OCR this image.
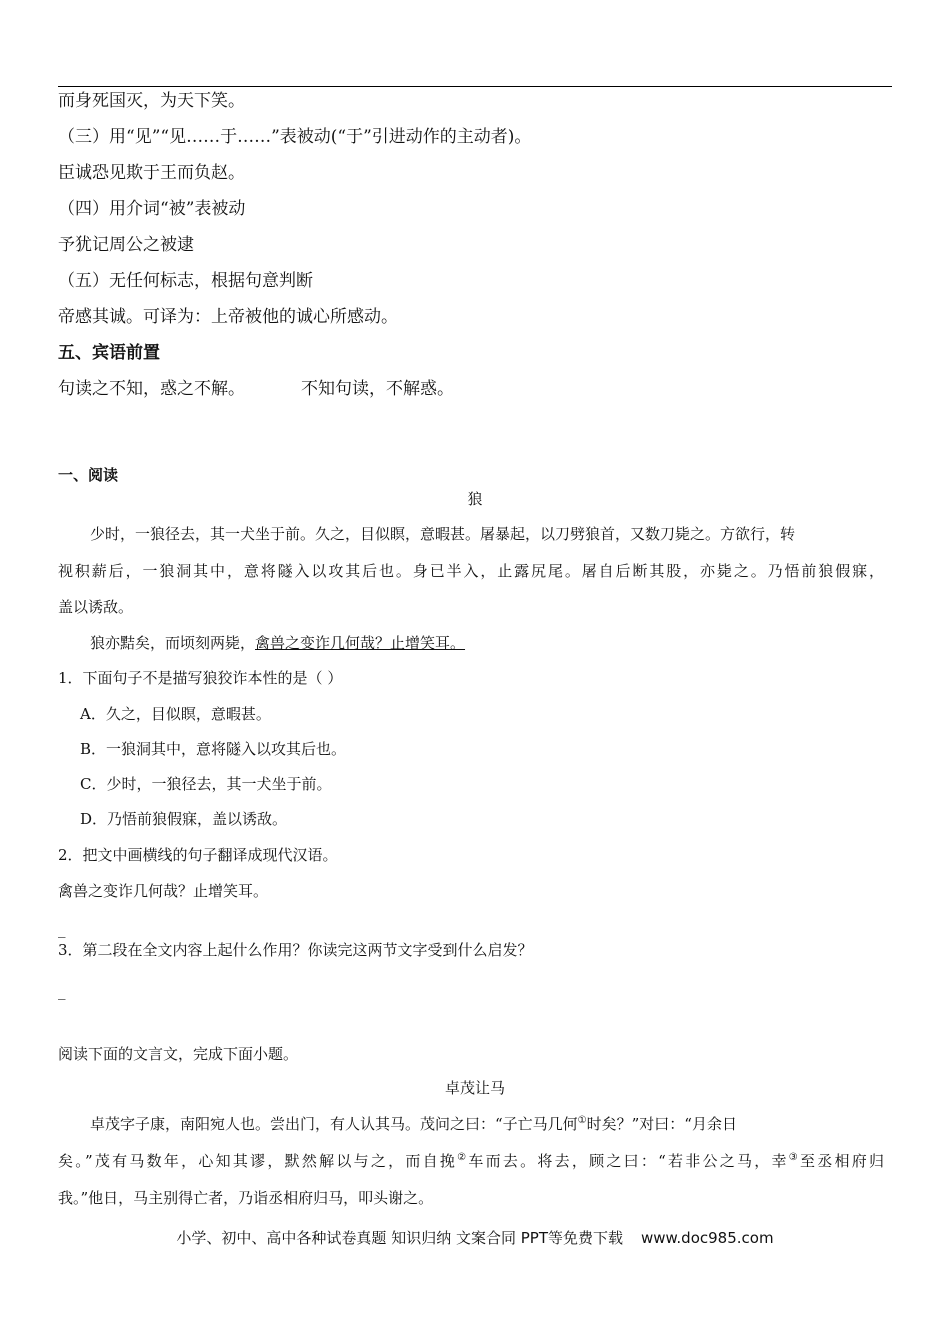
而身死国灭，为天下笑。
（三）用“见”“见……于……”表被动(“于”引进动作的主动者)。
臣诚恐见欺于王而负赵。
（四）用介词“被”表被动
予犹记周公之被逮
（五）无任何标志，根据句意判断
帝感其诚。可译为：上帝被他的诚心所感动。
五、宾语前置
句读之不知，惑之不解。	不知句读，不解惑。
一、阅读
狼
少时，一狼径去，其一犬坐于前。久之，目似瞑，意暇甚。屠暴起，以刀劈狼首，又数刀毙之。方欲行，转
视积薪后，一狼洞其中，意将隧入以攻其后也。身已半入，止露尻尾。屠自后断其股，亦毙之。乃悟前狼假寐，
盖以诱敌。
狼亦黠矣，而顷刻两毙，禽兽之变诈几何哉？止增笑耳。
1．下面句子不是描写狼狡诈本性的是（ ）
A．久之，目似瞑，意暇甚。
B．一狼洞其中，意将隧入以攻其后也。
C．少时，一狼径去，其一犬坐于前。
D．乃悟前狼假寐，盖以诱敌。
2．把文中画横线的句子翻译成现代汉语。
禽兽之变诈几何哉？止增笑耳。
_
3．第二段在全文内容上起什么作用？你读完这两节文字受到什么启发？
_
阅读下面的文言文，完成下面小题。
卓茂让马
卓茂字子康，南阳宛人也。尝出门，有人认其马。茂问之曰：“子亡马几何①时矣？”对曰：“月余日
矣。”茂有马数年，心知其谬，默然解以与之，而自挽②车而去。将去，顾之曰：“若非公之马，幸③至丞相府归
我。”他日，马主别得亡者，乃诣丞相府归马，叩头谢之。
小学、初中、高中各种试卷真题 知识归纳 文案合同 PPT等免费下载 www.doc985.com
